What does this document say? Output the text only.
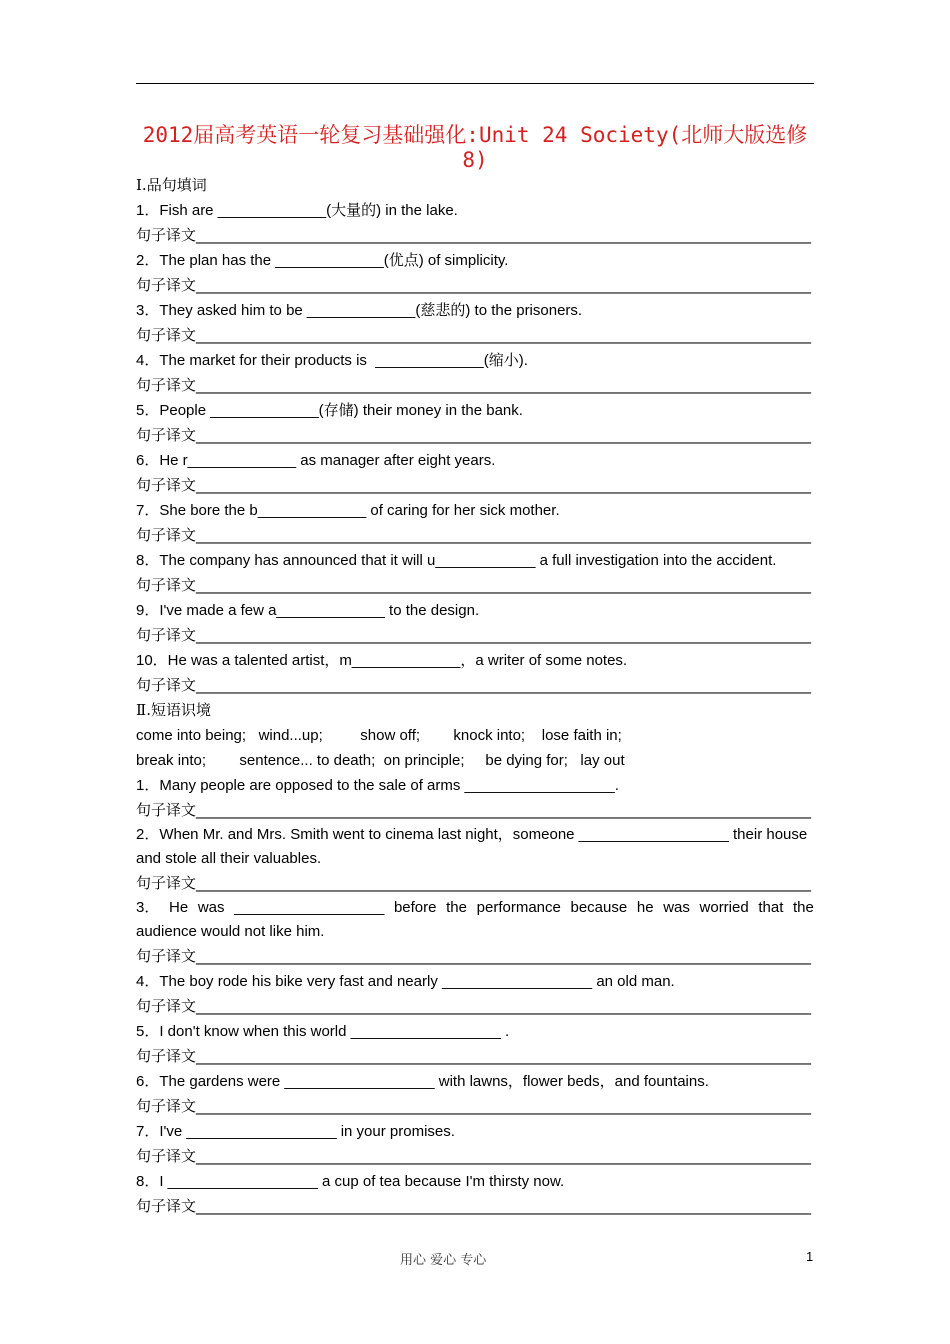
2012届高考英语一轮复习基础强化:Unit 24 Society(北师大版选修8)
Ⅰ.品句填词
1．Fish are _____________(大量的) in the lake.
句子译文__________________________________________________________________________________
2．The plan has the _____________(优点) of simplicity.
句子译文__________________________________________________________________________________
3．They asked him to be _____________(慈悲的) to the prisoners.
句子译文__________________________________________________________________________________
4．The market for their products is  _____________(缩小).
句子译文__________________________________________________________________________________
5．People _____________(存储) their money in the bank.
句子译文__________________________________________________________________________________
6．He r_____________ as manager after eight years.
句子译文__________________________________________________________________________________
7．She bore the b_____________ of caring for her sick mother.
句子译文__________________________________________________________________________________
8．The company has announced that it will u____________ a full investigation into the accident.
句子译文__________________________________________________________________________________
9．I've made a few a_____________ to the design.
句子译文__________________________________________________________________________________
10．He was a talented artist，m_____________，a writer of some notes.
句子译文__________________________________________________________________________________
Ⅱ.短语识境
come into being;   wind...up;         show off;        knock into;    lose faith in;
break into;        sentence... to death;  on principle;     be dying for;   lay out
1．Many people are opposed to the sale of arms __________________.
句子译文__________________________________________________________________________________
2．When Mr. and Mrs. Smith went to cinema last night，someone __________________ their house
and stole all their valuables.
句子译文__________________________________________________________________________________
3． He was __________________ before the performance because he was worried that the
audience would not like him.
句子译文__________________________________________________________________________________
4．The boy rode his bike very fast and nearly __________________ an old man.
句子译文__________________________________________________________________________________
5．I don't know when this world __________________ .
句子译文__________________________________________________________________________________
6．The gardens were __________________ with lawns，flower beds，and fountains.
句子译文__________________________________________________________________________________
7．I've __________________ in your promises.
句子译文__________________________________________________________________________________
8．I __________________ a cup of tea because I'm thirsty now.
句子译文__________________________________________________________________________________
用心 爱心 专心	1
